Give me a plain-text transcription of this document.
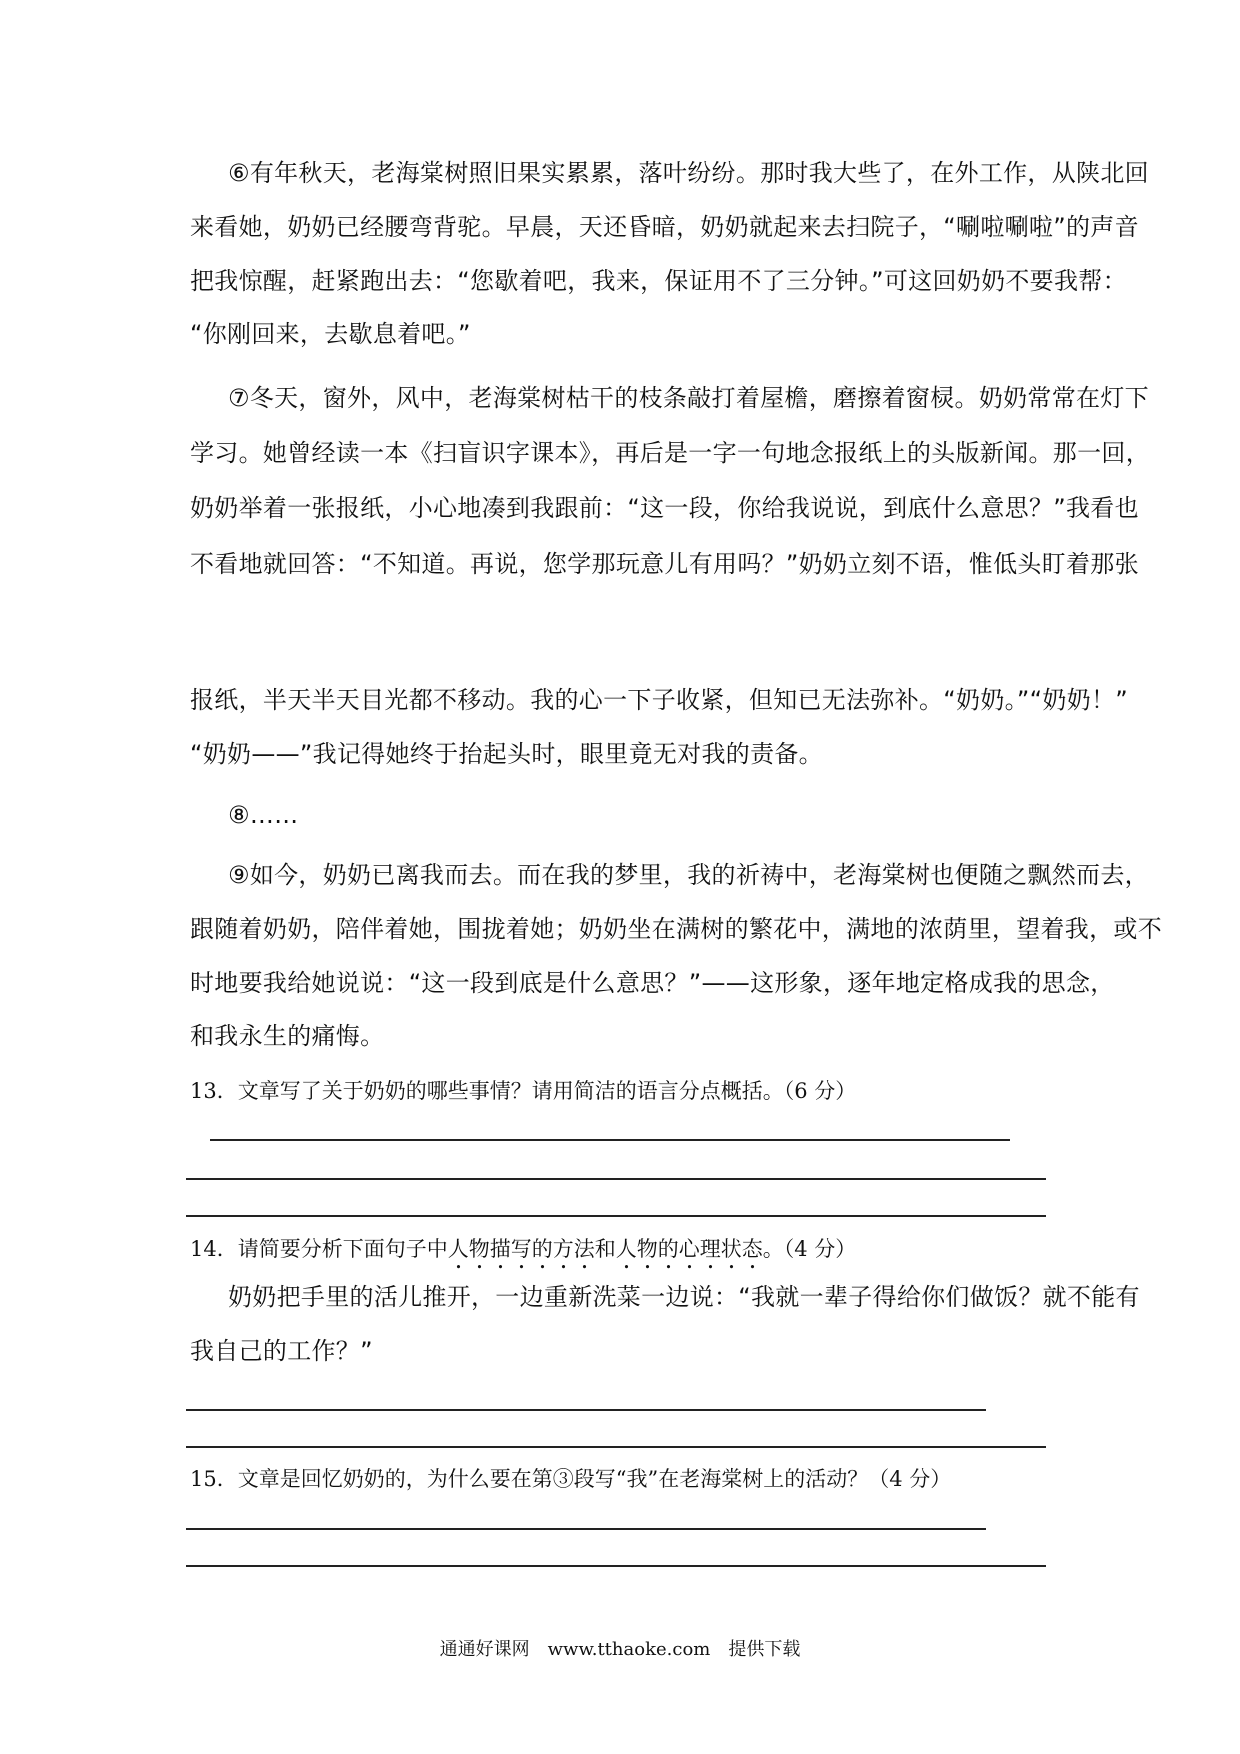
⑥有年秋天，老海棠树照旧果实累累，落叶纷纷。那时我大些了，在外工作，从陕北回
来看她，奶奶已经腰弯背驼。早晨，天还昏暗，奶奶就起来去扫院子，“唰啦唰啦”的声音
把我惊醒，赶紧跑出去：“您歇着吧，我来，保证用不了三分钟。”可这回奶奶不要我帮：
“你刚回来，去歇息着吧。”
⑦冬天，窗外，风中，老海棠树枯干的枝条敲打着屋檐，磨擦着窗棂。奶奶常常在灯下
学习。她曾经读一本《扫盲识字课本》，再后是一字一句地念报纸上的头版新闻。那一回，
奶奶举着一张报纸，小心地凑到我跟前：“这一段，你给我说说，到底什么意思？”我看也
不看地就回答：“不知道。再说，您学那玩意儿有用吗？”奶奶立刻不语，惟低头盯着那张
报纸，半天半天目光都不移动。我的心一下子收紧，但知已无法弥补。“奶奶。”“奶奶！”
“奶奶——”我记得她终于抬起头时，眼里竟无对我的责备。
⑧……
⑨如今，奶奶已离我而去。而在我的梦里，我的祈祷中，老海棠树也便随之飘然而去，
跟随着奶奶，陪伴着她，围拢着她；奶奶坐在满树的繁花中，满地的浓荫里，望着我，或不
时地要我给她说说：“这一段到底是什么意思？”——这形象，逐年地定格成我的思念，
和我永生的痛悔。
13．文章写了关于奶奶的哪些事情？请用简洁的语言分点概括。（6 分）
14．请简要分析下面句子中人物描写的方法和人物的心理状态。（4 分）
奶奶把手里的活儿推开，一边重新洗菜一边说：“我就一辈子得给你们做饭？就不能有
我自己的工作？”
15．文章是回忆奶奶的，为什么要在第③段写“我”在老海棠树上的活动？（4 分）
通通好课网　www.tthaoke.com　提供下载
